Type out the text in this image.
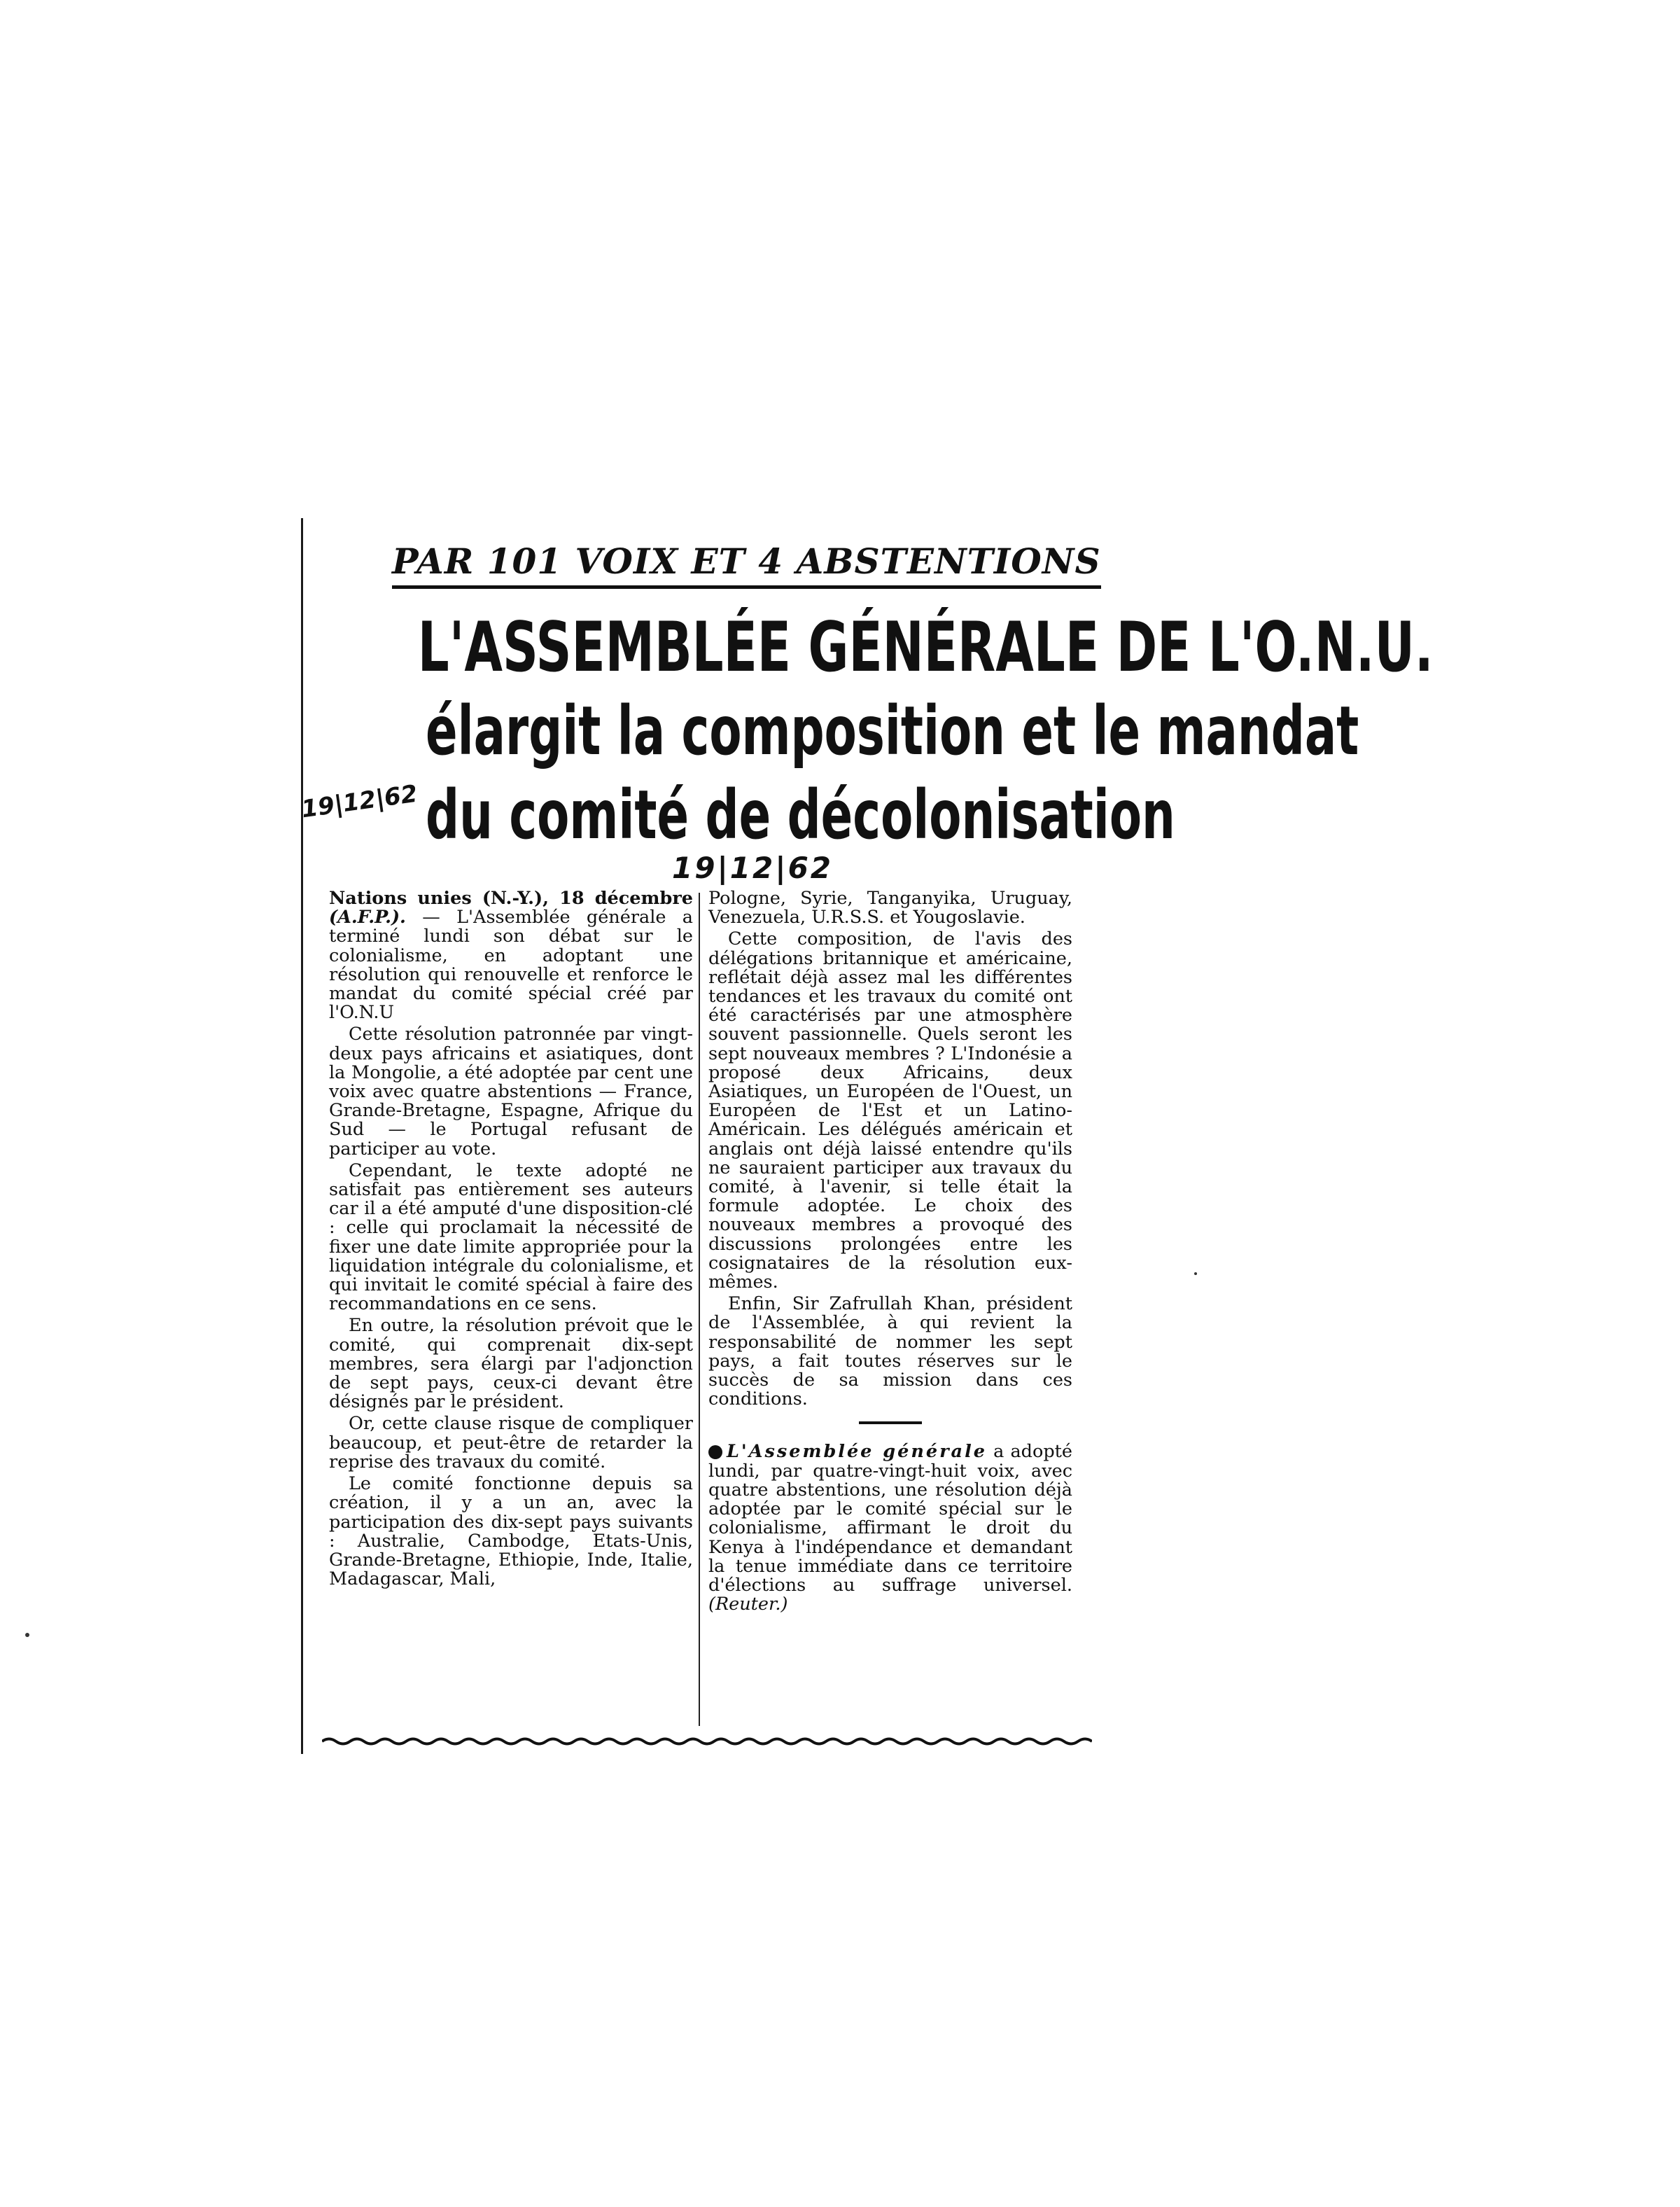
PAR 101 VOIX ET 4 ABSTENTIONS
L'ASSEMBLÉE GÉNÉRALE DE L'O.N.U.
élargit la composition et le mandat
du comité de décolonisation
19|12|62
19|12|62

Nations unies (N.-Y.), 18 décembre (A.F.P.). — L'Assemblée générale a terminé lundi son débat sur le colonialisme, en adoptant une résolution qui renouvelle et renforce le mandat du comité spécial créé par l'O.N.U

Cette résolution patronnée par vingt-deux pays africains et asiatiques, dont la Mongolie, a été adoptée par cent une voix avec quatre abstentions — France, Grande-Bretagne, Espagne, Afrique du Sud — le Portugal refusant de participer au vote.

Cependant, le texte adopté ne satisfait pas entièrement ses auteurs car il a été amputé d'une disposition-clé : celle qui proclamait la nécessité de fixer une date limite appropriée pour la liquidation intégrale du colonialisme, et qui invitait le comité spécial à faire des recommandations en ce sens.

En outre, la résolution prévoit que le comité, qui comprenait dix-sept membres, sera élargi par l'adjonction de sept pays, ceux-ci devant être désignés par le président.

Or, cette clause risque de compliquer beaucoup, et peut-être de retarder la reprise des travaux du comité.

Le comité fonctionne depuis sa création, il y a un an, avec la participation des dix-sept pays suivants : Australie, Cambodge, Etats-Unis, Grande-Bretagne, Ethiopie, Inde, Italie, Madagascar, Mali,

Pologne, Syrie, Tanganyika, Uruguay, Venezuela, U.R.S.S. et Yougoslavie.

Cette composition, de l'avis des délégations britannique et américaine, reflétait déjà assez mal les différentes tendances et les travaux du comité ont été caractérisés par une atmosphère souvent passionnelle. Quels seront les sept nouveaux membres ? L'Indonésie a proposé deux Africains, deux Asiatiques, un Européen de l'Ouest, un Européen de l'Est et un Latino-Américain. Les délégués américain et anglais ont déjà laissé entendre qu'ils ne sauraient participer aux travaux du comité, à l'avenir, si telle était la formule adoptée. Le choix des nouveaux membres a provoqué des discussions prolongées entre les cosignataires de la résolution eux-mêmes.

Enfin, Sir Zafrullah Khan, président de l'Assemblée, à qui revient la responsabilité de nommer les sept pays, a fait toutes réserves sur le succès de sa mission dans ces conditions.

L'Assemblée générale a adopté lundi, par quatre-vingt-huit voix, avec quatre abstentions, une résolution déjà adoptée par le comité spécial sur le colonialisme, affirmant le droit du Kenya à l'indépendance et demandant la tenue immédiate dans ce territoire d'élections au suffrage universel. (Reuter.)
